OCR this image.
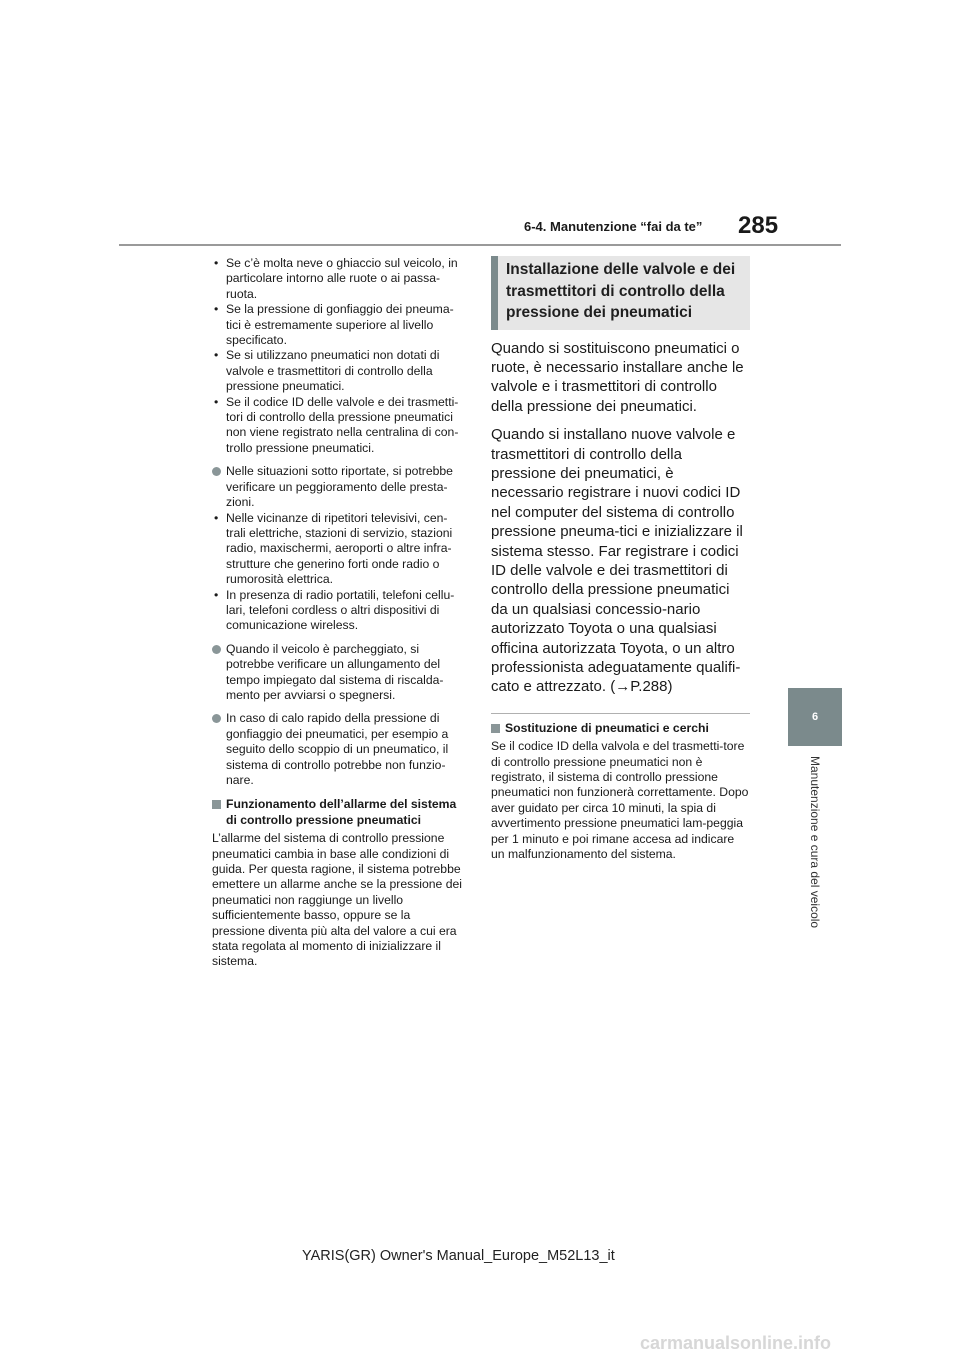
6-4. Manutenzione “fai da te” 285
• Se c’è molta neve o ghiaccio sul veicolo, in particolare intorno alle ruote o ai passa-ruota.
• Se la pressione di gonfiaggio dei pneuma-tici è estremamente superiore al livello specificato.
• Se si utilizzano pneumatici non dotati di valvole e trasmettitori di controllo della pressione pneumatici.
• Se il codice ID delle valvole e dei trasmetti-tori di controllo della pressione pneumatici non viene registrato nella centralina di con-trollo pressione pneumatici.
Nelle situazioni sotto riportate, si potrebbe verificare un peggioramento delle presta-zioni.
• Nelle vicinanze di ripetitori televisivi, cen-trali elettriche, stazioni di servizio, stazioni radio, maxischermi, aeroporti o altre infra-strutture che generino forti onde radio o rumorosità elettrica.
• In presenza di radio portatili, telefoni cellu-lari, telefoni cordless o altri dispositivi di comunicazione wireless.
Quando il veicolo è parcheggiato, si potrebbe verificare un allungamento del tempo impiegato dal sistema di riscalda-mento per avviarsi o spegnersi.
In caso di calo rapido della pressione di gonfiaggio dei pneumatici, per esempio a seguito dello scoppio di un pneumatico, il sistema di controllo potrebbe non funzio-nare.
Funzionamento dell’allarme del sistema di controllo pressione pneumatici

L’allarme del sistema di controllo pressione pneumatici cambia in base alle condizioni di guida. Per questa ragione, il sistema potrebbe emettere un allarme anche se la pressione dei pneumatici non raggiunge un livello sufficientemente basso, oppure se la pressione diventa più alta del valore a cui era stata regolata al momento di inizializzare il sistema.

Installazione delle valvole e dei trasmettitori di controllo della pressione dei pneumatici

Quando si sostituiscono pneumatici o ruote, è necessario installare anche le valvole e i trasmettitori di controllo della pressione dei pneumatici.

Quando si installano nuove valvole e trasmettitori di controllo della pressione dei pneumatici, è necessario registrare i nuovi codici ID nel computer del sistema di controllo pressione pneuma-tici e inizializzare il sistema stesso. Far registrare i codici ID delle valvole e dei trasmettitori di controllo della pressione pneumatici da un qualsiasi concessio-nario autorizzato Toyota o una qualsiasi officina autorizzata Toyota, o un altro professionista adeguatamente qualifi-cato e attrezzato. (→P.288)

Sostituzione di pneumatici e cerchi

Se il codice ID della valvola e del trasmetti-tore di controllo pressione pneumatici non è registrato, il sistema di controllo pressione pneumatici non funzionerà correttamente. Dopo aver guidato per circa 10 minuti, la spia di avvertimento pressione pneumatici lam-peggia per 1 minuto e poi rimane accesa ad indicare un malfunzionamento del sistema.

6
Manutenzione e cura del veicolo
YARIS(GR) Owner's Manual_Europe_M52L13_it
carmanualsonline.info
